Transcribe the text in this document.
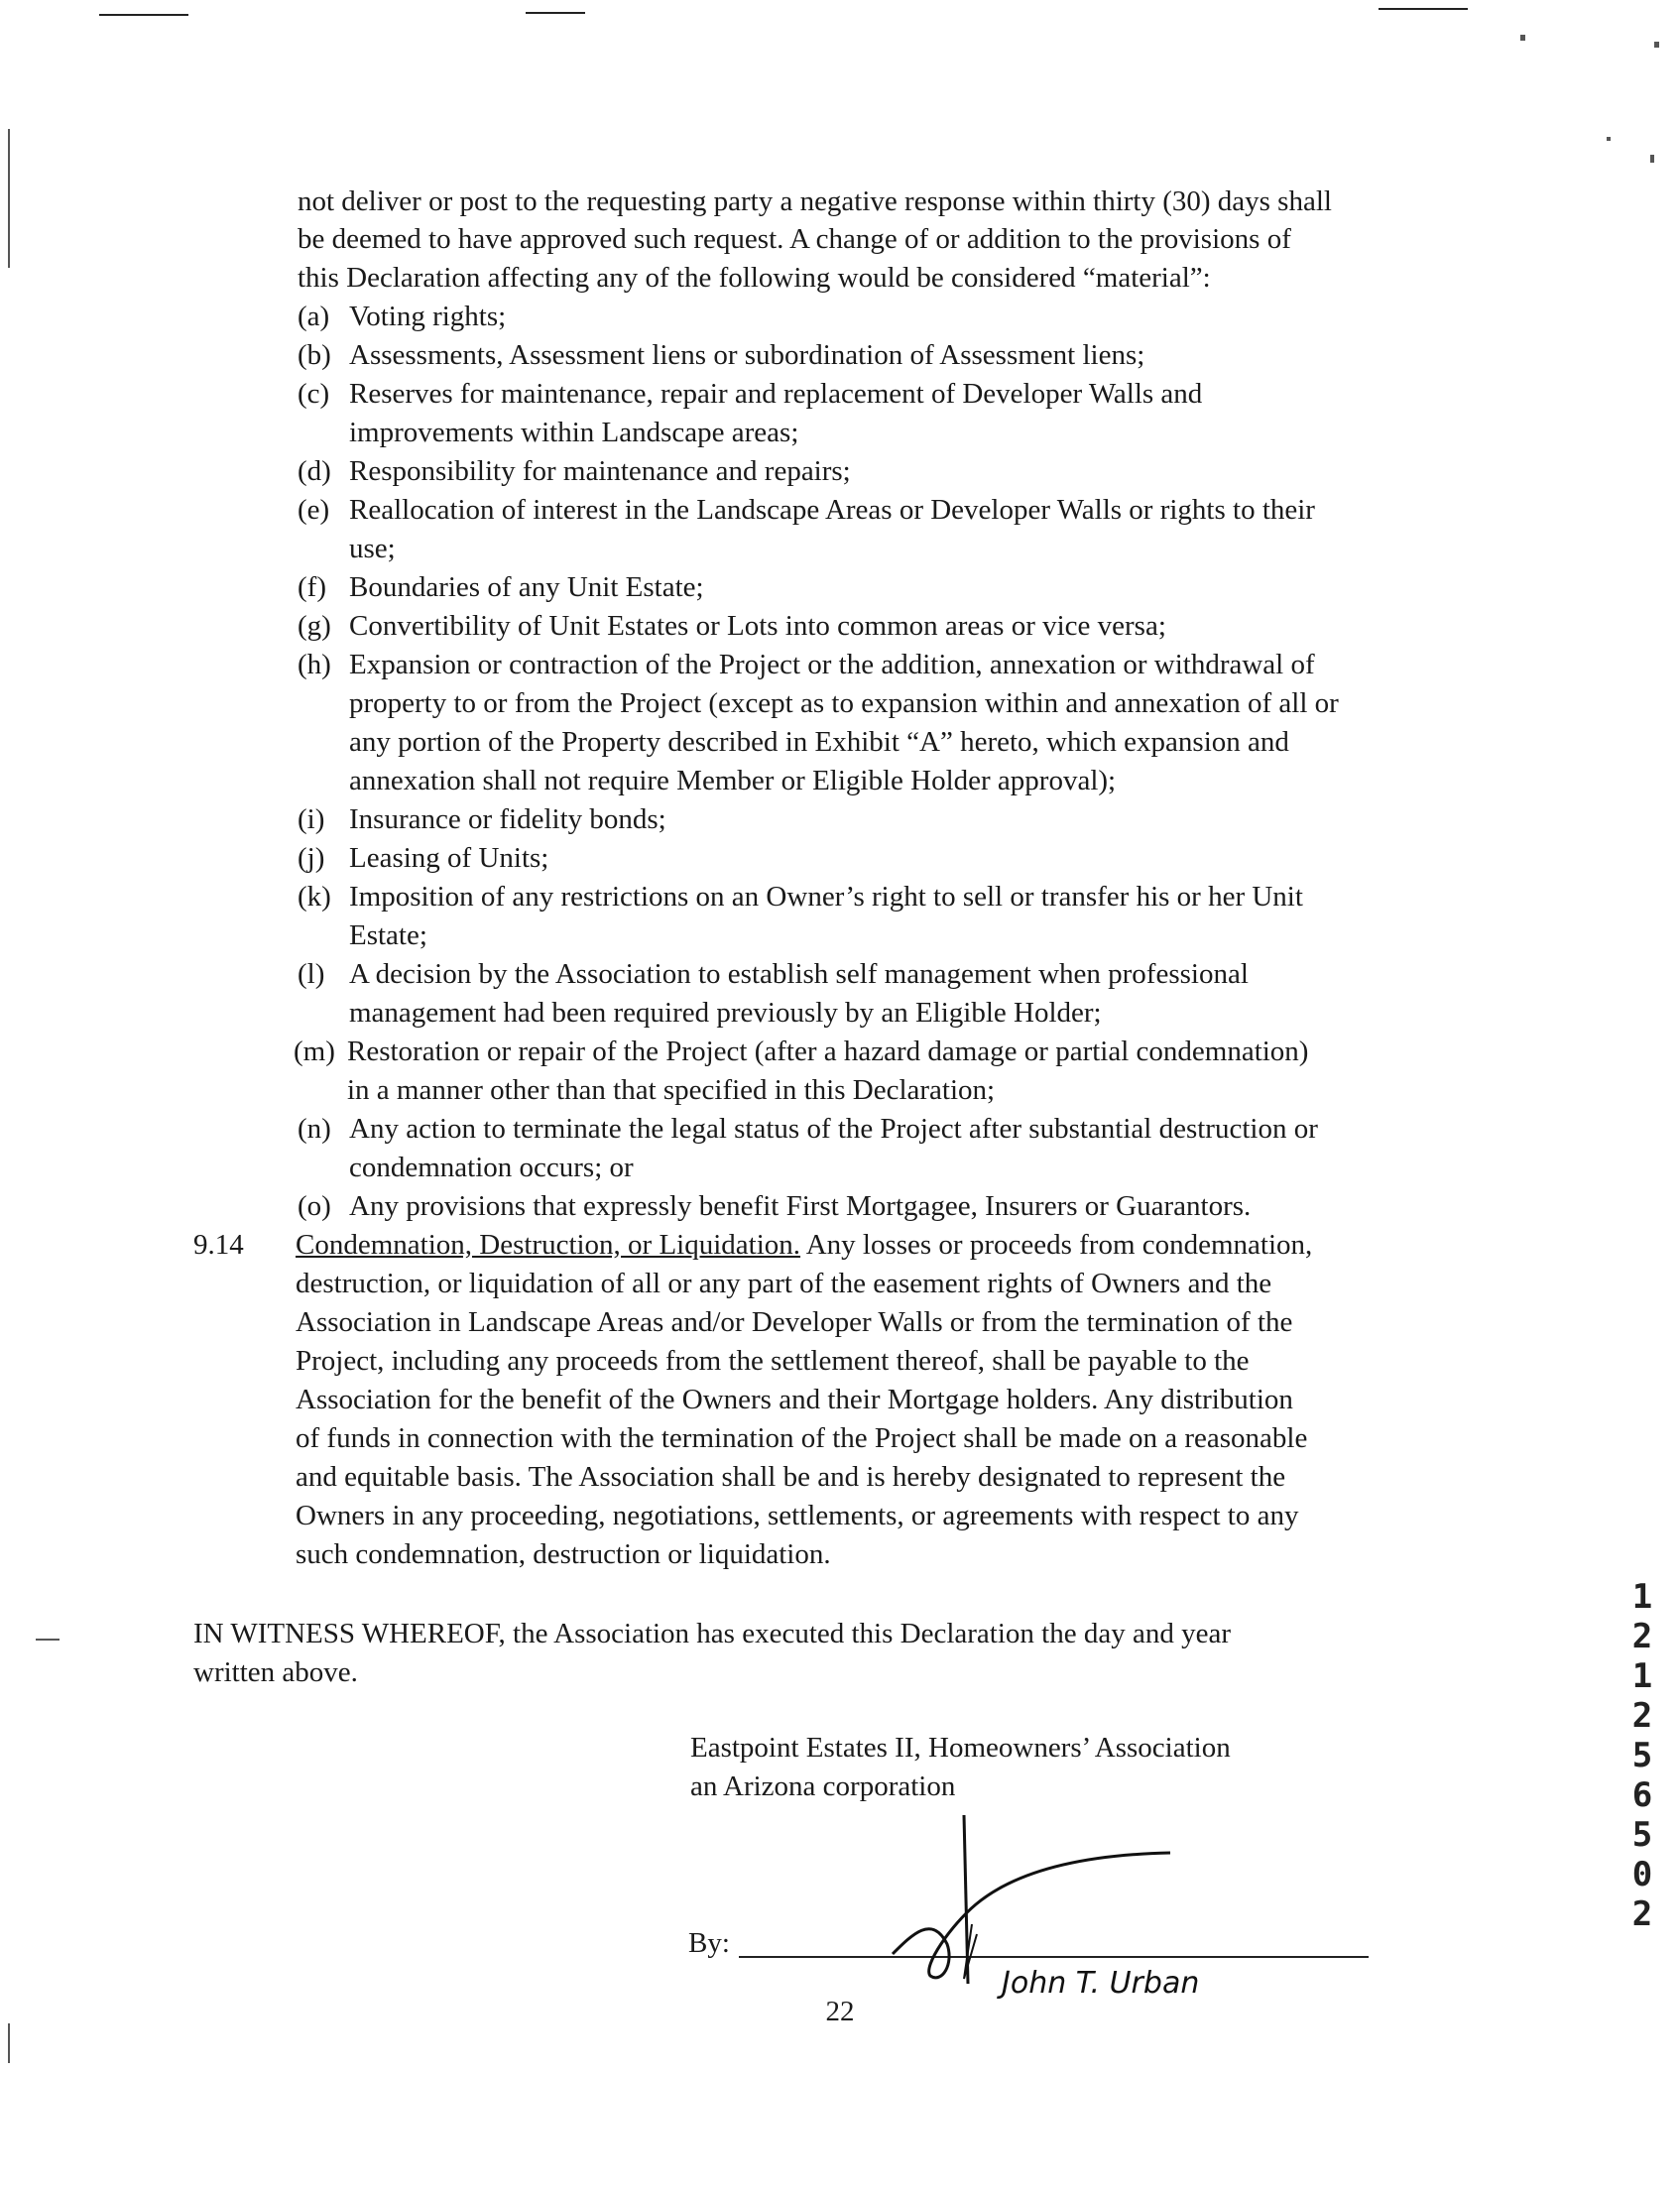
not deliver or post to the requesting party a negative response within thirty (30) days shall
be deemed to have approved such request. A change of or addition to the provisions of
this Declaration affecting any of the following would be considered “material”:
(a) Voting rights;
(b) Assessments, Assessment liens or subordination of Assessment liens;
(c) Reserves for maintenance, repair and replacement of Developer Walls and
improvements within Landscape areas;
(d) Responsibility for maintenance and repairs;
(e) Reallocation of interest in the Landscape Areas or Developer Walls or rights to their
use;
(f) Boundaries of any Unit Estate;
(g) Convertibility of Unit Estates or Lots into common areas or vice versa;
(h) Expansion or contraction of the Project or the addition, annexation or withdrawal of
property to or from the Project (except as to expansion within and annexation of all or
any portion of the Property described in Exhibit “A” hereto, which expansion and
annexation shall not require Member or Eligible Holder approval);
(i) Insurance or fidelity bonds;
(j) Leasing of Units;
(k) Imposition of any restrictions on an Owner’s right to sell or transfer his or her Unit
Estate;
(l) A decision by the Association to establish self management when professional
management had been required previously by an Eligible Holder;
(m) Restoration or repair of the Project (after a hazard damage or partial condemnation)
in a manner other than that specified in this Declaration;
(n) Any action to terminate the legal status of the Project after substantial destruction or
condemnation occurs; or
(o) Any provisions that expressly benefit First Mortgagee, Insurers or Guarantors.
9.14 Condemnation, Destruction, or Liquidation. Any losses or proceeds from condemnation,
destruction, or liquidation of all or any part of the easement rights of Owners and the
Association in Landscape Areas and/or Developer Walls or from the termination of the
Project, including any proceeds from the settlement thereof, shall be payable to the
Association for the benefit of the Owners and their Mortgage holders. Any distribution
of funds in connection with the termination of the Project shall be made on a reasonable
and equitable basis. The Association shall be and is hereby designated to represent the
Owners in any proceeding, negotiations, settlements, or agreements with respect to any
such condemnation, destruction or liquidation.
IN WITNESS WHEREOF, the Association has executed this Declaration the day and year
written above.
Eastpoint Estates II, Homeowners’ Association
an Arizona corporation
By:
John T. Urban
1
2
1
2
5
6
5
0
2
22
